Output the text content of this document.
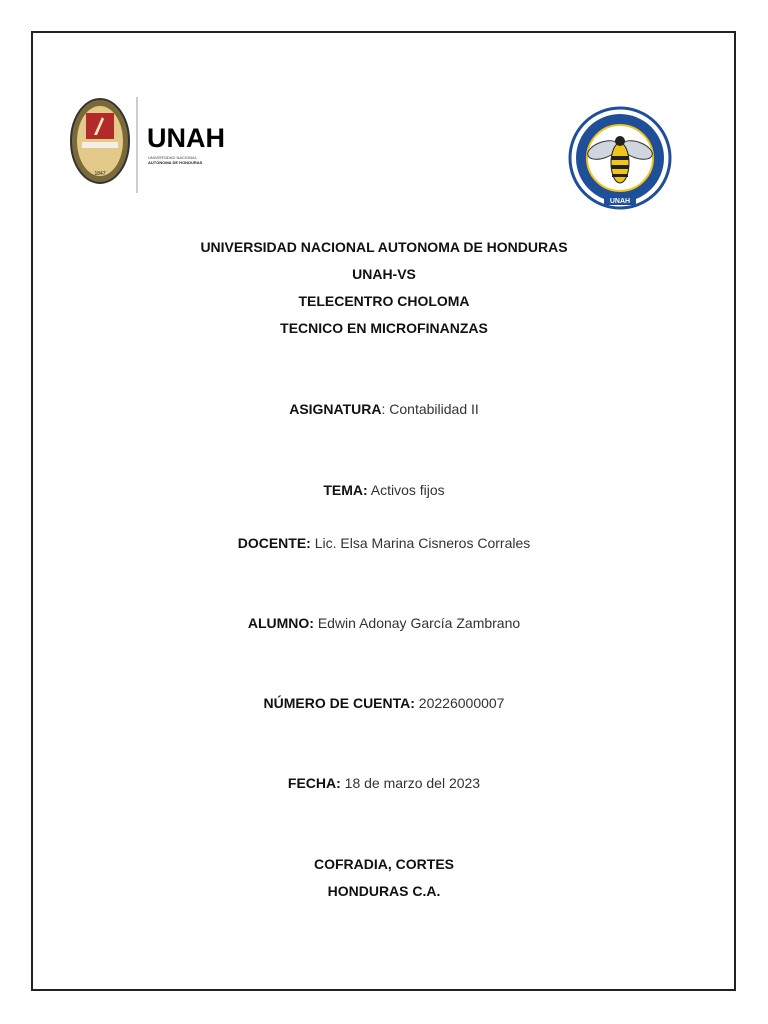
1847
UNAH
UNIVERSIDAD NACIONAL
AUTÓNOMA DE HONDURAS
UNAH
UNIVERSIDAD NACIONAL AUTONOMA DE HONDURAS
UNAH-VS
TELECENTRO CHOLOMA
TECNICO EN MICROFINANZAS
ASIGNATURA: Contabilidad II
TEMA: Activos fijos
DOCENTE: Lic. Elsa Marina Cisneros Corrales
ALUMNO: Edwin Adonay García Zambrano
NÚMERO DE CUENTA: 20226000007
FECHA: 18 de marzo del 2023
COFRADIA, CORTES
HONDURAS C.A.
